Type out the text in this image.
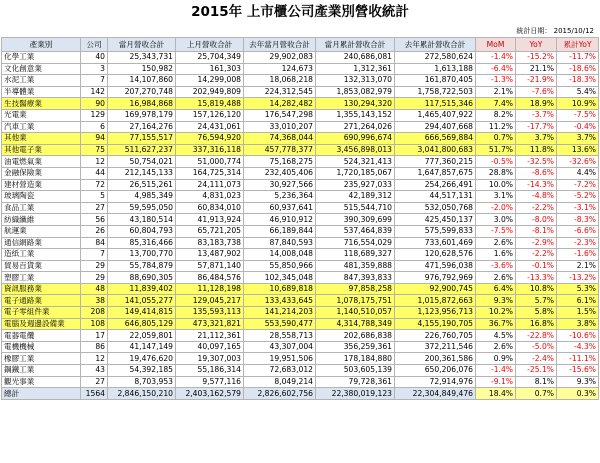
2015年 上市櫃公司產業別營收統計
統計日期： 2015/10/12
產業別	公司	當月營收合計	上月營收合計	去年當月營收合計	當月累計營收合計	去年累計營收合計	MoM	YoY	累計YoY
化學工業	40	25,343,731	25,704,349	29,902,083	240,686,081	272,580,624	-1.4%	-15.2%	-11.7%
文化創意業	3	150,982	161,303	124,673	1,312,361	1,613,188	-6.4%	21.1%	-18.6%
水泥工業	7	14,107,860	14,299,008	18,068,218	132,313,070	161,870,405	-1.3%	-21.9%	-18.3%
半導體業	142	207,270,748	202,949,809	224,312,545	1,853,082,979	1,758,722,503	2.1%	-7.6%	5.4%
生技醫療業	90	16,984,868	15,819,488	14,282,482	130,294,320	117,515,346	7.4%	18.9%	10.9%
光電業	129	169,978,179	157,126,120	176,547,298	1,355,143,152	1,465,407,922	8.2%	-3.7%	-7.5%
汽車工業	6	27,164,276	24,431,061	33,010,207	271,264,026	294,407,668	11.2%	-17.7%	-0.4%
其他業	94	77,155,517	76,594,920	74,368,044	690,996,674	666,569,884	0.7%	3.7%	3.7%
其他電子業	75	511,627,237	337,316,118	457,778,377	3,456,898,013	3,041,800,683	51.7%	11.8%	13.6%
油電燃氣業	12	50,754,021	51,000,774	75,168,275	524,321,413	777,360,215	-0.5%	-32.5%	-32.6%
金融保險業	44	212,145,133	164,725,314	232,405,406	1,720,185,067	1,647,857,675	28.8%	-8.6%	4.4%
建材營造業	72	26,515,261	24,111,073	30,927,566	235,927,033	254,266,491	10.0%	-14.3%	-7.2%
玻璃陶瓷	5	4,985,349	4,831,023	5,236,364	42,189,312	44,517,131	3.1%	-4.8%	-5.2%
食品工業	27	59,595,050	60,834,010	60,937,641	515,544,710	532,050,768	-2.0%	-2.2%	-3.1%
紡織纖維	56	43,180,514	41,913,924	46,910,912	390,309,699	425,450,137	3.0%	-8.0%	-8.3%
航運業	26	60,804,793	65,721,205	66,189,844	537,464,839	575,599,833	-7.5%	-8.1%	-6.6%
通信網路業	84	85,316,466	83,183,738	87,840,593	716,554,029	733,601,469	2.6%	-2.9%	-2.3%
造紙工業	7	13,700,770	13,487,902	14,008,048	118,689,327	120,628,576	1.6%	-2.2%	-1.6%
貿易百貨業	29	55,784,879	57,871,140	55,850,966	481,359,888	471,596,038	-3.6%	-0.1%	2.1%
塑膠工業	29	88,690,305	86,484,576	102,345,048	847,393,833	976,792,969	2.6%	-13.3%	-13.2%
資訊服務業	48	11,839,402	11,128,198	10,689,818	97,858,258	92,900,745	6.4%	10.8%	5.3%
電子通路業	38	141,055,277	129,045,217	133,433,645	1,078,175,751	1,015,872,663	9.3%	5.7%	6.1%
電子零組件業	208	149,414,815	135,593,113	141,214,203	1,140,510,057	1,123,956,713	10.2%	5.8%	1.5%
電腦及週邊設備業	108	646,805,129	473,321,821	553,590,477	4,314,788,349	4,155,190,705	36.7%	16.8%	3.8%
電器電纜	17	22,059,801	21,112,361	28,558,713	202,686,838	226,760,705	4.5%	-22.8%	-10.6%
電機機械	86	41,147,149	40,097,165	43,307,004	356,259,361	372,211,546	2.6%	-5.0%	-4.3%
橡膠工業	12	19,476,620	19,307,003	19,951,506	178,184,880	200,361,586	0.9%	-2.4%	-11.1%
鋼鐵工業	43	54,392,185	55,186,314	72,683,012	503,605,139	650,206,076	-1.4%	-25.1%	-15.6%
觀光事業	27	8,703,953	9,577,116	8,049,214	79,728,361	72,914,976	-9.1%	8.1%	9.3%
總計	1564	2,846,150,210	2,403,162,579	2,826,602,756	22,380,019,123	22,304,849,476	18.4%	0.7%	0.3%
